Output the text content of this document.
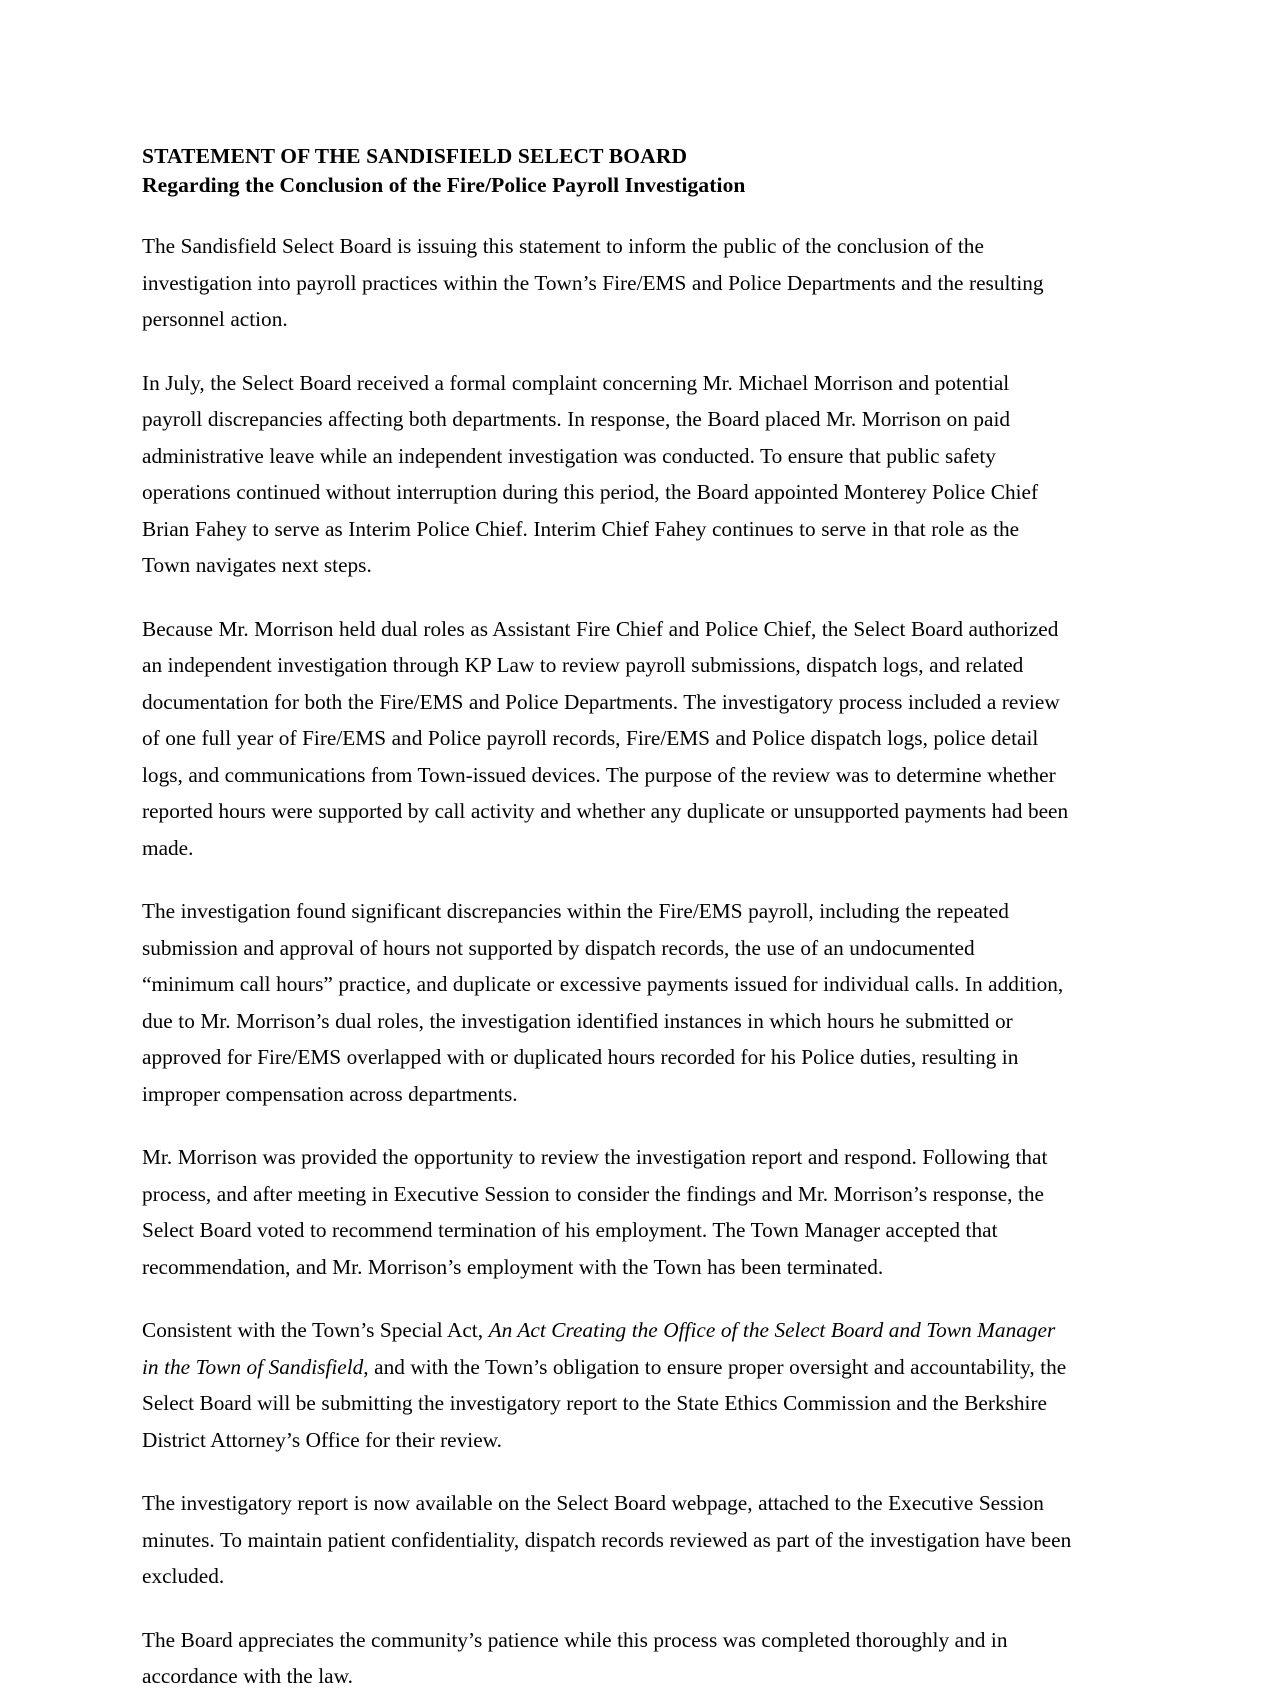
STATEMENT OF THE SANDISFIELD SELECT BOARD
Regarding the Conclusion of the Fire/Police Payroll Investigation

The Sandisfield Select Board is issuing this statement to inform the public of the conclusion of the investigation into payroll practices within the Town’s Fire/EMS and Police Departments and the resulting personnel action.

In July, the Select Board received a formal complaint concerning Mr. Michael Morrison and potential payroll discrepancies affecting both departments. In response, the Board placed Mr. Morrison on paid administrative leave while an independent investigation was conducted. To ensure that public safety operations continued without interruption during this period, the Board appointed Monterey Police Chief Brian Fahey to serve as Interim Police Chief. Interim Chief Fahey continues to serve in that role as the Town navigates next steps.

Because Mr. Morrison held dual roles as Assistant Fire Chief and Police Chief, the Select Board authorized an independent investigation through KP Law to review payroll submissions, dispatch logs, and related documentation for both the Fire/EMS and Police Departments. The investigatory process included a review of one full year of Fire/EMS and Police payroll records, Fire/EMS and Police dispatch logs, police detail logs, and communications from Town-issued devices. The purpose of the review was to determine whether reported hours were supported by call activity and whether any duplicate or unsupported payments had been made.

The investigation found significant discrepancies within the Fire/EMS payroll, including the repeated submission and approval of hours not supported by dispatch records, the use of an undocumented “minimum call hours” practice, and duplicate or excessive payments issued for individual calls. In addition, due to Mr. Morrison’s dual roles, the investigation identified instances in which hours he submitted or approved for Fire/EMS overlapped with or duplicated hours recorded for his Police duties, resulting in improper compensation across departments.

Mr. Morrison was provided the opportunity to review the investigation report and respond. Following that process, and after meeting in Executive Session to consider the findings and Mr. Morrison’s response, the Select Board voted to recommend termination of his employment. The Town Manager accepted that recommendation, and Mr. Morrison’s employment with the Town has been terminated.

Consistent with the Town’s Special Act, An Act Creating the Office of the Select Board and Town Manager in the Town of Sandisfield, and with the Town’s obligation to ensure proper oversight and accountability, the Select Board will be submitting the investigatory report to the State Ethics Commission and the Berkshire District Attorney’s Office for their review.

The investigatory report is now available on the Select Board webpage, attached to the Executive Session minutes. To maintain patient confidentiality, dispatch records reviewed as part of the investigation have been excluded.

The Board appreciates the community’s patience while this process was completed thoroughly and in accordance with the law.
